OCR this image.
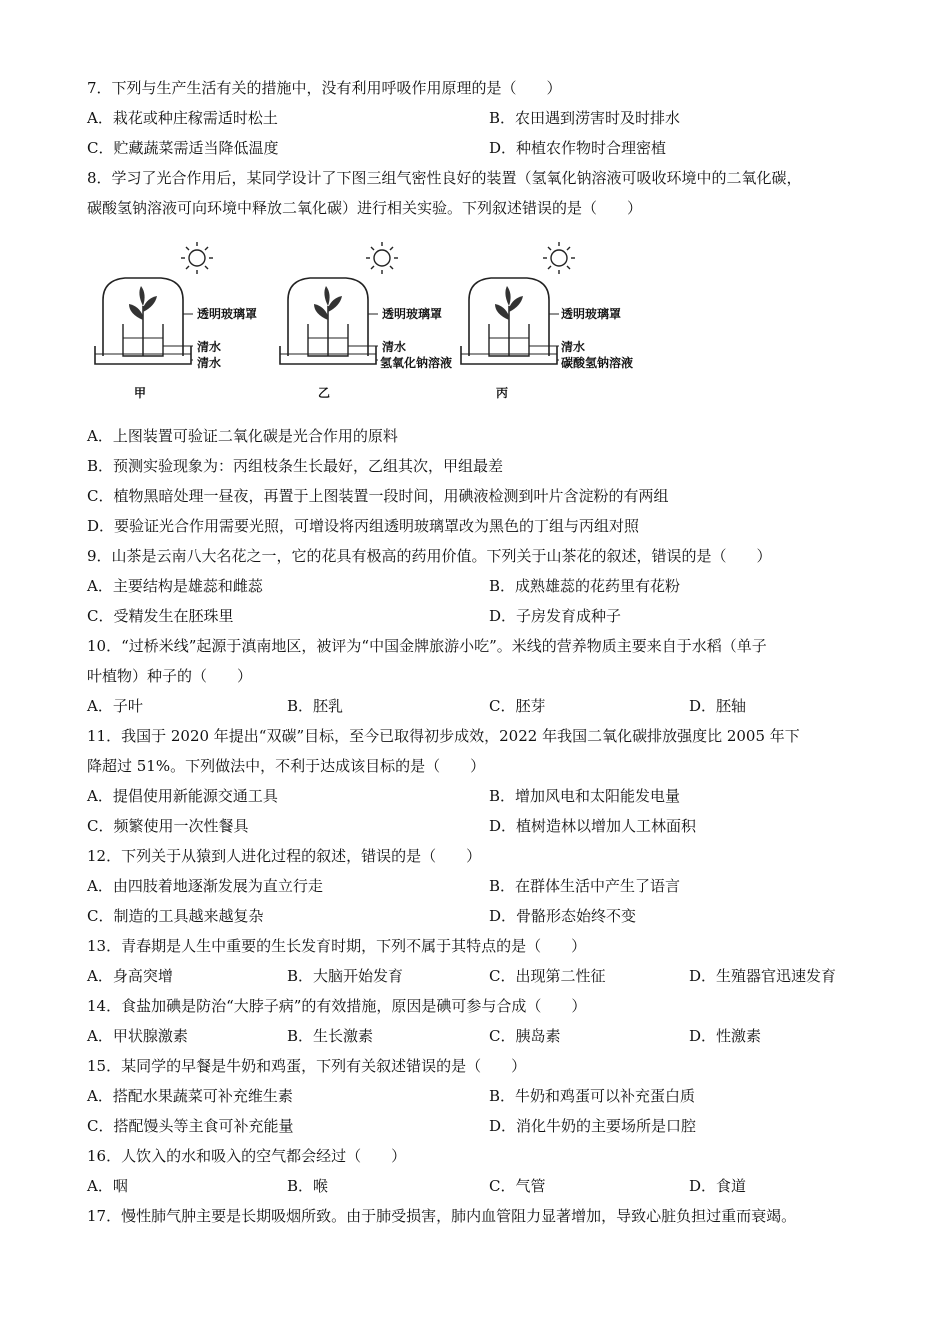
7．下列与生产生活有关的措施中，没有利用呼吸作用原理的是（　　）
A．栽花或种庄稼需适时松土	B．农田遇到涝害时及时排水
C．贮藏蔬菜需适当降低温度	D．种植农作物时合理密植
8．学习了光合作用后，某同学设计了下图三组气密性良好的装置（氢氧化钠溶液可吸收环境中的二氧化碳，
碳酸氢钠溶液可向环境中释放二氧化碳）进行相关实验。下列叙述错误的是（　　）
透明玻璃罩
清水
清水
甲
透明玻璃罩
清水
氢氧化钠溶液
乙
透明玻璃罩
清水
碳酸氢钠溶液
丙
A．上图装置可验证二氧化碳是光合作用的原料
B．预测实验现象为：丙组枝条生长最好，乙组其次，甲组最差
C．植物黑暗处理一昼夜，再置于上图装置一段时间，用碘液检测到叶片含淀粉的有两组
D．要验证光合作用需要光照，可增设将丙组透明玻璃罩改为黑色的丁组与丙组对照
9．山茶是云南八大名花之一，它的花具有极高的药用价值。下列关于山茶花的叙述，错误的是（　　）
A．主要结构是雄蕊和雌蕊	B．成熟雄蕊的花药里有花粉
C．受精发生在胚珠里	D．子房发育成种子
10．“过桥米线”起源于滇南地区，被评为“中国金牌旅游小吃”。米线的营养物质主要来自于水稻（单子
叶植物）种子的（　　）
A．子叶	B．胚乳	C．胚芽	D．胚轴
11．我国于 2020 年提出“双碳”目标，至今已取得初步成效，2022 年我国二氧化碳排放强度比 2005 年下
降超过 51%。下列做法中，不利于达成该目标的是（　　）
A．提倡使用新能源交通工具	B．增加风电和太阳能发电量
C．频繁使用一次性餐具	D．植树造林以增加人工林面积
12．下列关于从猿到人进化过程的叙述，错误的是（　　）
A．由四肢着地逐渐发展为直立行走	B．在群体生活中产生了语言
C．制造的工具越来越复杂	D．骨骼形态始终不变
13．青春期是人生中重要的生长发育时期，下列不属于其特点的是（　　）
A．身高突增	B．大脑开始发育	C．出现第二性征	D．生殖器官迅速发育
14．食盐加碘是防治“大脖子病”的有效措施，原因是碘可参与合成（　　）
A．甲状腺激素	B．生长激素	C．胰岛素	D．性激素
15．某同学的早餐是牛奶和鸡蛋，下列有关叙述错误的是（　　）
A．搭配水果蔬菜可补充维生素	B．牛奶和鸡蛋可以补充蛋白质
C．搭配馒头等主食可补充能量	D．消化牛奶的主要场所是口腔
16．人饮入的水和吸入的空气都会经过（　　）
A．咽	B．喉	C．气管	D．食道
17．慢性肺气肿主要是长期吸烟所致。由于肺受损害，肺内血管阻力显著增加，导致心脏负担过重而衰竭。
